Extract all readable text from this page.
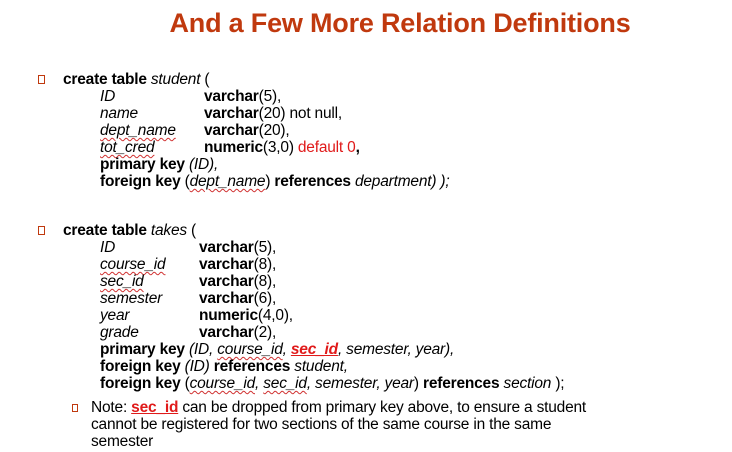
And a Few More Relation Definitions
create table student (
ID	varchar(5),
name	varchar(20) not null,
dept_name varchar(20),
tot_cred	numeric(3,0) default 0,
primary key (ID),
foreign key (dept_name) references department) );
create table takes (
ID	varchar(5),
course_id varchar(8),
sec_id	varchar(8),
semester varchar(6),
year	numeric(4,0),
grade	varchar(2),
primary key (ID, course_id, sec_id, semester, year),
foreign key (ID) references student,
foreign key (course_id, sec_id, semester, year) references section );
Note: sec_id can be dropped from primary key above, to ensure a student cannot be registered for two sections of the same course in the same semester
